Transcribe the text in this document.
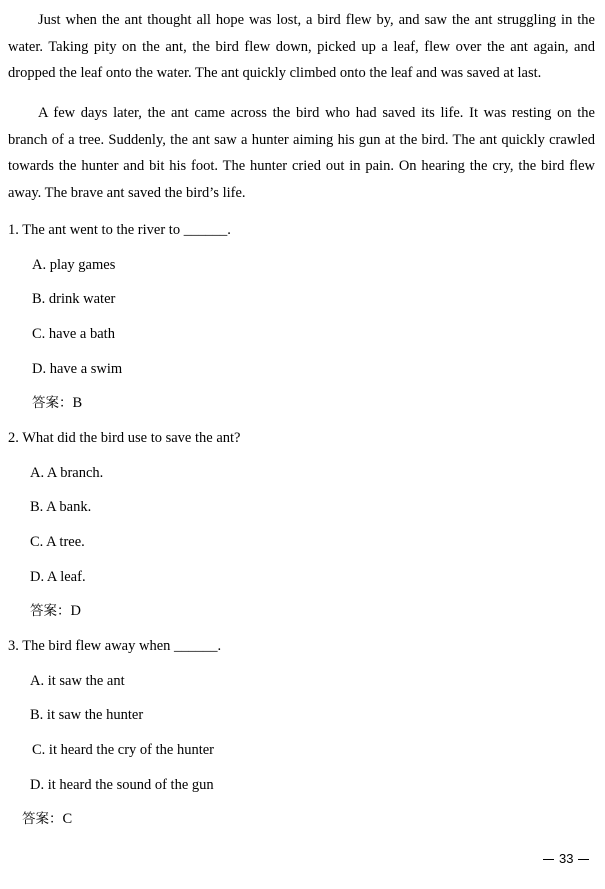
Just when the ant thought all hope was lost, a bird flew by, and saw the ant struggling in the water. Taking pity on the ant, the bird flew down, picked up a leaf, flew over the ant again, and dropped the leaf onto the water. The ant quickly climbed onto the leaf and was saved at last.

A few days later, the ant came across the bird who had saved its life. It was resting on the branch of a tree. Suddenly, the ant saw a hunter aiming his gun at the bird. The ant quickly crawled towards the hunter and bit his foot. The hunter cried out in pain. On hearing the cry, the bird flew away. The brave ant saved the bird’s life.

1. The ant went to the river to ______.
A. play games
B. drink water
C. have a bath
D. have a swim
答案：B
2. What did the bird use to save the ant?
A. A branch.
B. A bank.
C. A tree.
D. A leaf.
答案：D
3. The bird flew away when ______.
A. it saw the ant
B. it saw the hunter
C. it heard the cry of the hunter
D. it heard the sound of the gun
答案：C
33
